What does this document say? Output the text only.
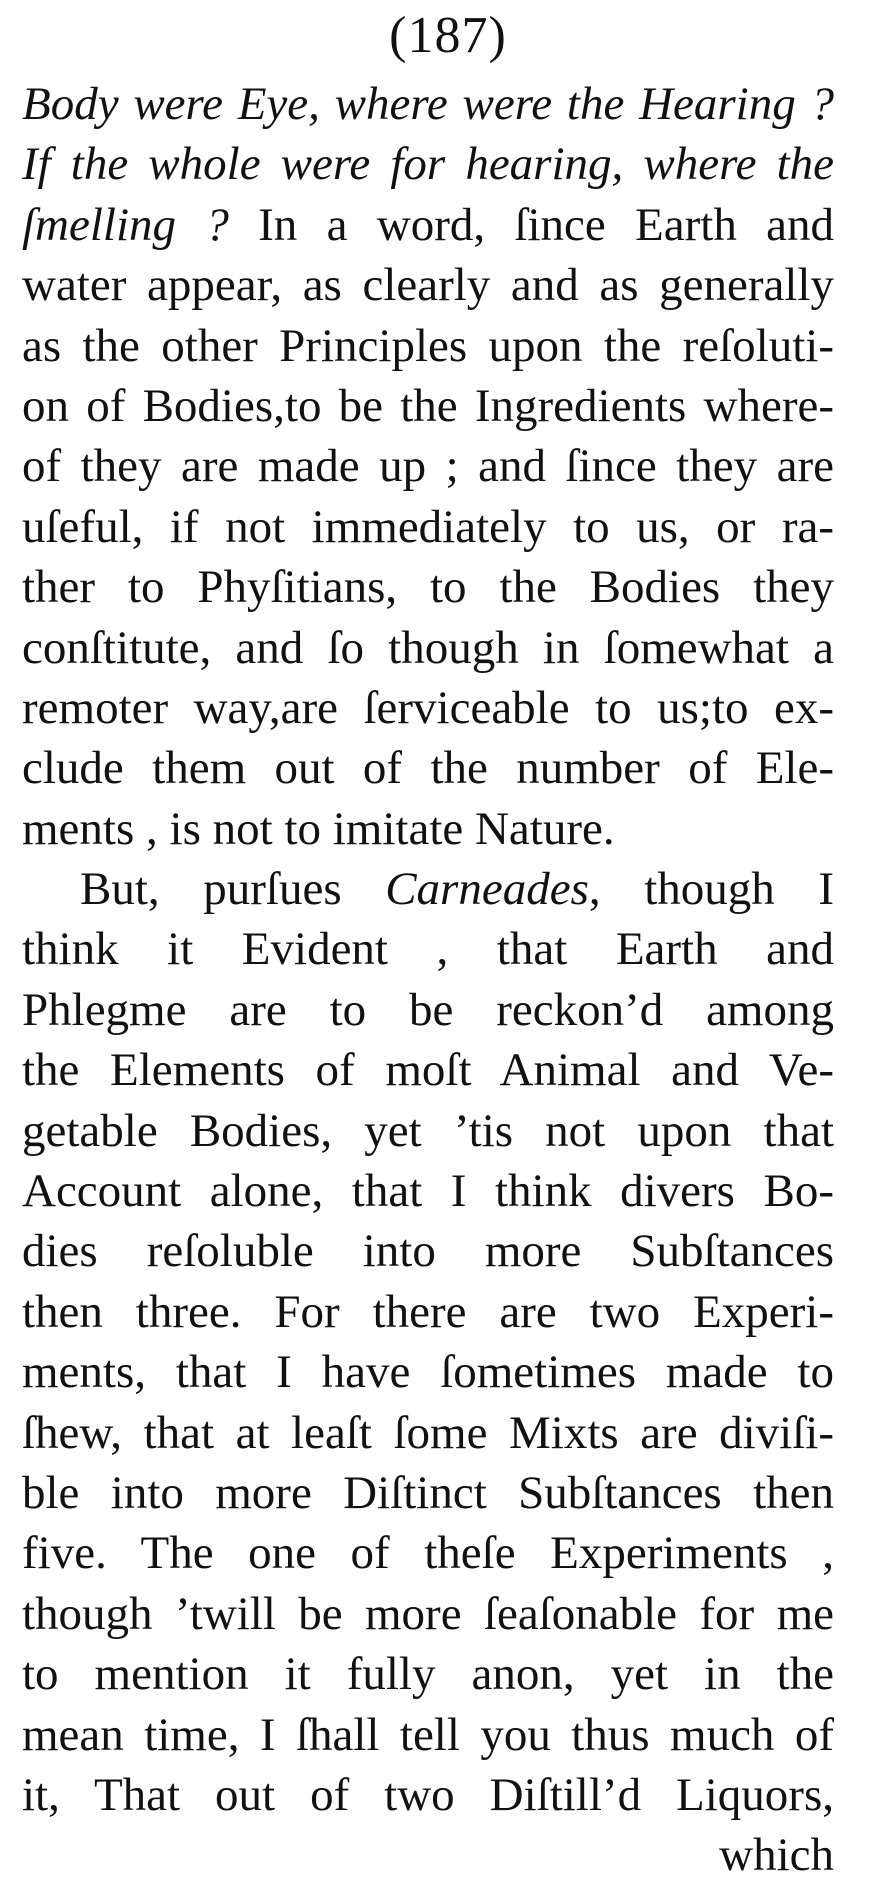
(187)
Body were Eye, where were the Hearing ?
If the whole were for hearing, where the
ſmelling ? In a word, ſince Earth and
water appear, as clearly and as generally
as the other Principles upon the reſoluti-
on of Bodies,to be the Ingredients where-
of they are made up ; and ſince they are
uſeful, if not immediately to us, or ra-
ther to Phyſitians, to the Bodies they
conſtitute, and ſo though in ſomewhat a
remoter way,are ſerviceable to us;to ex-
clude them out of the number of Ele-
ments , is not to imitate Nature.
But, purſues Carneades, though I
think it Evident , that Earth and
Phlegme are to be reckon’d among
the Elements of moſt Animal and Ve-
getable Bodies, yet ’tis not upon that
Account alone, that I think divers Bo-
dies reſoluble into more Subſtances
then three. For there are two Experi-
ments, that I have ſometimes made to
ſhew, that at leaſt ſome Mixts are diviſi-
ble into more Diſtinct Subſtances then
five. The one of theſe Experiments ,
though ’twill be more ſeaſonable for me
to mention it fully anon, yet in the
mean time, I ſhall tell you thus much of
it, That out of two Diſtill’d Liquors,
which
